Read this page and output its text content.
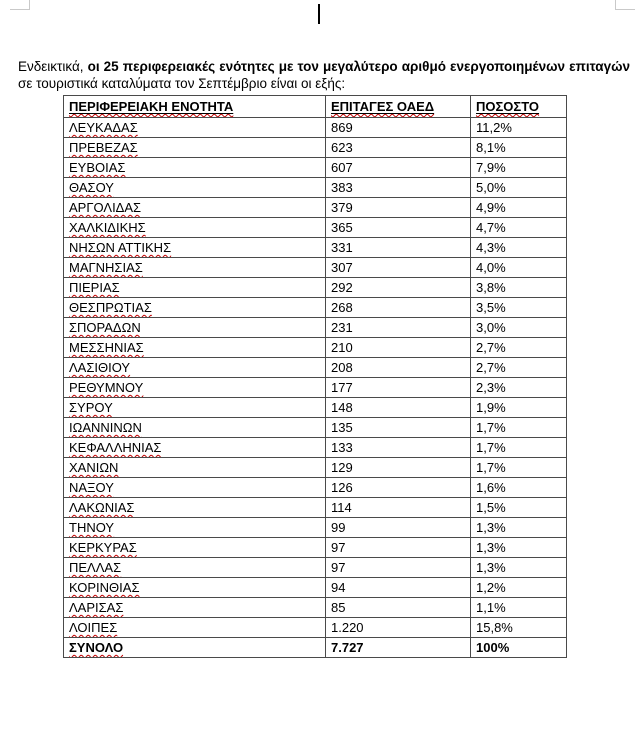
Ενδεικτικά, οι 25 περιφερειακές ενότητες με τον μεγαλύτερο αριθμό ενεργοποιημένων επιταγών σε τουριστικά καταλύματα τον Σεπτέμβριο είναι οι εξής:

ΠΕΡΙΦΕΡΕΙΑΚΗ ΕΝΟΤΗΤΑ	ΕΠΙΤΑΓΕΣ ΟΑΕΔ	ΠΟΣΟΣΤΟ
ΛΕΥΚΑΔΑΣ	869	11,2%
ΠΡΕΒΕΖΑΣ	623	8,1%
ΕΥΒΟΙΑΣ	607	7,9%
ΘΑΣΟΥ	383	5,0%
ΑΡΓΟΛΙΔΑΣ	379	4,9%
ΧΑΛΚΙΔΙΚΗΣ	365	4,7%
ΝΗΣΩΝ ΑΤΤΙΚΗΣ	331	4,3%
ΜΑΓΝΗΣΙΑΣ	307	4,0%
ΠΙΕΡΙΑΣ	292	3,8%
ΘΕΣΠΡΩΤΙΑΣ	268	3,5%
ΣΠΟΡΑΔΩΝ	231	3,0%
ΜΕΣΣΗΝΙΑΣ	210	2,7%
ΛΑΣΙΘΙΟΥ	208	2,7%
ΡΕΘΥΜΝΟΥ	177	2,3%
ΣΥΡΟΥ	148	1,9%
ΙΩΑΝΝΙΝΩΝ	135	1,7%
ΚΕΦΑΛΛΗΝΙΑΣ	133	1,7%
ΧΑΝΙΩΝ	129	1,7%
ΝΑΞΟΥ	126	1,6%
ΛΑΚΩΝΙΑΣ	114	1,5%
ΤΗΝΟΥ	99	1,3%
ΚΕΡΚΥΡΑΣ	97	1,3%
ΠΕΛΛΑΣ	97	1,3%
ΚΟΡΙΝΘΙΑΣ	94	1,2%
ΛΑΡΙΣΑΣ	85	1,1%
ΛΟΙΠΕΣ	1.220	15,8%
ΣΥΝΟΛΟ	7.727	100%
